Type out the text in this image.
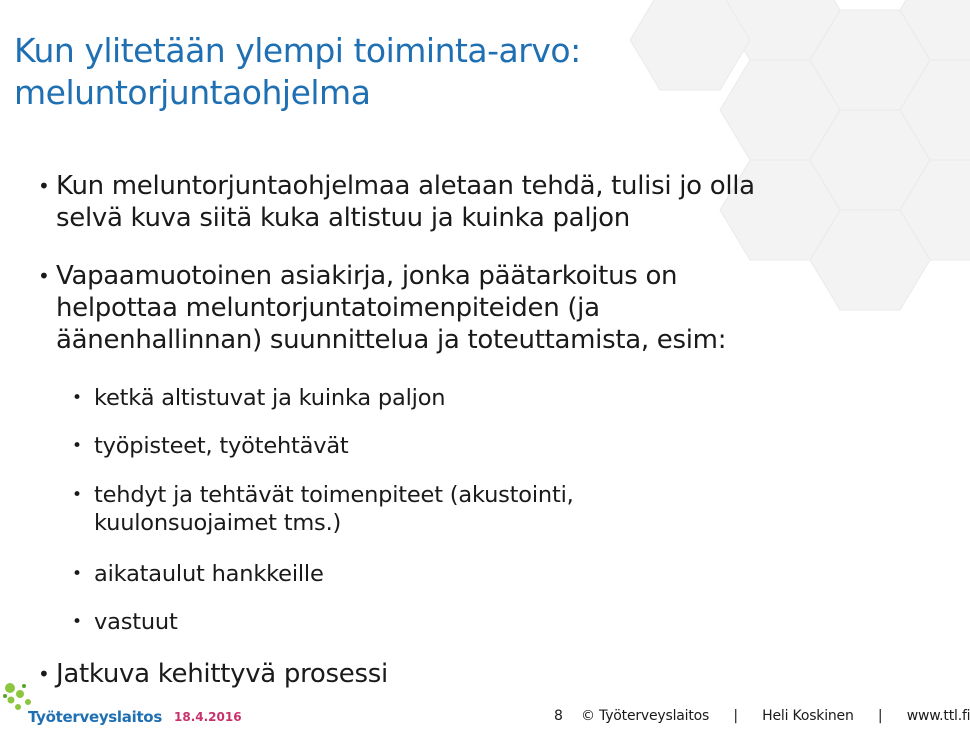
Kun ylitetään ylempi toiminta-arvo:
meluntorjuntaohjelma
• Kun meluntorjuntaohjelmaa aletaan tehdä, tulisi jo olla
selvä kuva siitä kuka altistuu ja kuinka paljon
• Vapaamuotoinen asiakirja, jonka päätarkoitus on
helpottaa meluntorjuntatoimenpiteiden (ja
äänenhallinnan) suunnittelua ja toteuttamista, esim:
• ketkä altistuvat ja kuinka paljon
• työpisteet, työtehtävät
• tehdyt ja tehtävät toimenpiteet (akustointi,
kuulonsuojaimet tms.)
• aikataulut hankkeille
• vastuut
• Jatkuva kehittyvä prosessi
Työterveyslaitos 18.4.2016	8 © Työterveyslaitos | Heli Koskinen | www.ttl.fi
